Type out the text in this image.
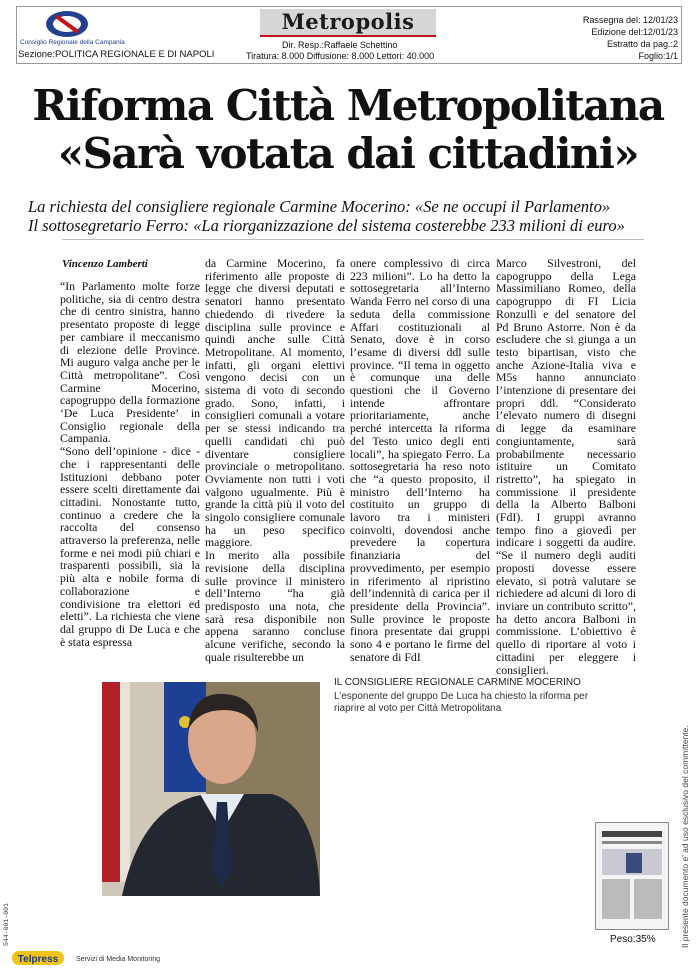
Consiglio Regionale della Campania
Sezione:POLITICA REGIONALE E DI NAPOLI
Metropolis
Dir. Resp.:Raffaele Schettino
Tiratura: 8.000 Diffusione: 8.000 Lettori: 40.000
Rassegna del: 12/01/23
Edizione del:12/01/23
Estratto da pag.:2
Foglio:1/1
Riforma Città Metropolitana
«Sarà votata dai cittadini»
La richiesta del consigliere regionale Carmine Mocerino: «Se ne occupi il Parlamento»
Il sottosegretario Ferro: «La riorganizzazione del sistema costerebbe 233 milioni di euro»
Vincenzo Lamberti
“In Parlamento molte forze politiche, sia di centro destra che di centro sinistra, hanno presentato proposte di legge per cambiare il meccanismo di elezione delle Province. Mi auguro valga anche per le Città metropolitane”. Così Carmine Mocerino, capogruppo della formazione ‘De Luca Presidente’ in Consiglio regionale della Campania.
“Sono dell’opinione - dice - che i rappresentanti delle Istituzioni debbano poter essere scelti direttamente dai cittadini. Nonostante tutto, continuo a credere che la raccolta del consenso attraverso la preferenza, nelle forme e nei modi più chiari e trasparenti possibili, sia la più alta e nobile forma di collaborazione e condivisione tra elettori ed eletti”. La richiesta che viene dal gruppo di De Luca e che è stata espressa
da Carmine Mocerino, fa riferimento alle proposte di legge che diversi deputati e senatori hanno presentato chiedendo di rivedere la disciplina sulle province e quindi anche sulle Città Metropolitane. Al momento, infatti, gli organi elettivi vengono decisi con un sistema di voto di secondo grado. Sono, infatti, i consiglieri comunali a votare per se stessi indicando tra quelli candidati chi può diventare consigliere provinciale o metropolitano. Ovviamente non tutti i voti valgono ugualmente. Più è grande la città più il voto del singolo consigliere comunale ha un peso specifico maggiore.
In merito alla possibile revisione della disciplina sulle province il ministero dell’Interno “ha già predisposto una nota, che sarà resa disponibile non appena saranno concluse alcune verifiche, secondo la quale risulterebbe un
onere complessivo di circa 223 milioni”. Lo ha detto la sottosegretaria all’Interno Wanda Ferro nel corso di una seduta della commissione Affari costituzionali al Senato, dove è in corso l’esame di diversi ddl sulle province. “Il tema in oggetto è comunque una delle questioni che il Governo intende affrontare prioritariamente, anche perché intercetta la riforma del Testo unico degli enti locali”, ha spiegato Ferro. La sottosegretaria ha reso noto che “a questo proposito, il ministro dell’Interno ha costituito un gruppo di lavoro tra i ministeri coinvolti, dovendosi anche prevedere la copertura finanziaria del provvedimento, per esempio in riferimento al ripristino dell’indennità di carica per il presidente della Provincia”. Sulle province le proposte finora presentate dai gruppi sono 4 e portano le firme del senatore di FdI
Marco Silvestroni, del capogruppo della Lega Massimiliano Romeo, della capogruppo di FI Licia Ronzulli e del senatore del Pd Bruno Astorre. Non è da escludere che si giunga a un testo bipartisan, visto che anche Azione-Italia viva e M5s hanno annunciato l’intenzione di presentare dei propri ddl. “Considerato l’elevato numero di disegni di legge da esaminare congiuntamente, sarà probabilmente necessario istituire un Comitato ristretto”, ha spiegato in commissione il presidente della la Alberto Balboni (FdI). I gruppi avranno tempo fino a giovedì per indicare i soggetti da audire. “Se il numero degli auditi proposti dovesse essere elevato, si potrà valutare se richiedere ad alcuni di loro di inviare un contributo scritto”, ha detto ancora Balboni in commissione. L’obiettivo è quello di riportare al voto i cittadini per eleggere i consiglieri.
IL CONSIGLIERE REGIONALE CARMINE MOCERINO
L’esponente del gruppo De Luca ha chiesto la riforma per riaprire al voto per Città Metropolitana
Peso:35%	Il presente documento e' ad uso esclusivo del committente.
544-001-001
Telpress	Servizi di Media Monitoring
